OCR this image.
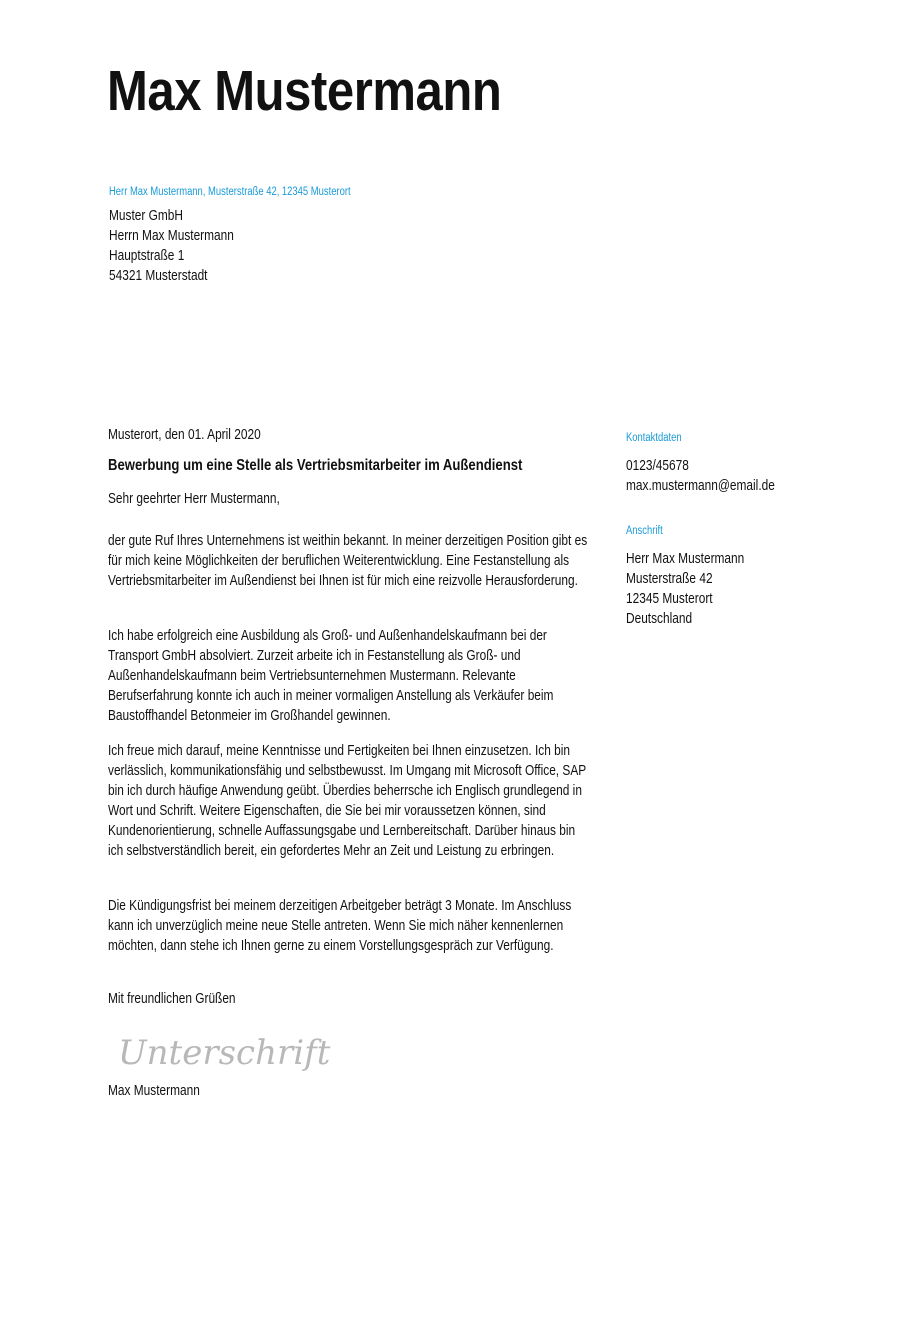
Max Mustermann
Herr Max Mustermann, Musterstraße 42, 12345 Musterort
Muster GmbH
Herrn Max Mustermann
Hauptstraße 1
54321 Musterstadt
Musterort, den 01. April 2020
Bewerbung um eine Stelle als Vertriebsmitarbeiter im Außendienst
Sehr geehrter Herr Mustermann,
der gute Ruf Ihres Unternehmens ist weithin bekannt. In meiner derzeitigen Position gibt es für mich keine Möglichkeiten der beruflichen Weiterentwicklung. Eine Festanstellung als Vertriebsmitarbeiter im Außendienst bei Ihnen ist für mich eine reizvolle Herausforderung.
Ich habe erfolgreich eine Ausbildung als Groß- und Außenhandelskaufmann bei der Transport GmbH absolviert. Zurzeit arbeite ich in Festanstellung als Groß- und Außenhandelskaufmann beim Vertriebsunternehmen Mustermann. Relevante Berufserfahrung konnte ich auch in meiner vormaligen Anstellung als Verkäufer beim Baustoffhandel Betonmeier im Großhandel gewinnen.
Ich freue mich darauf, meine Kenntnisse und Fertigkeiten bei Ihnen einzusetzen. Ich bin verlässlich, kommunikationsfähig und selbstbewusst. Im Umgang mit Microsoft Office, SAP bin ich durch häufige Anwendung geübt. Überdies beherrsche ich Englisch grundlegend in Wort und Schrift. Weitere Eigenschaften, die Sie bei mir voraussetzen können, sind Kundenorientierung, schnelle Auffassungsgabe und Lernbereitschaft. Darüber hinaus bin ich selbstverständlich bereit, ein gefordertes Mehr an Zeit und Leistung zu erbringen.
Die Kündigungsfrist bei meinem derzeitigen Arbeitgeber beträgt 3 Monate. Im Anschluss kann ich unverzüglich meine neue Stelle antreten. Wenn Sie mich näher kennenlernen möchten, dann stehe ich Ihnen gerne zu einem Vorstellungsgespräch zur Verfügung.
Mit freundlichen Grüßen
Unterschrift
Max Mustermann
Kontaktdaten
0123/45678
max.mustermann@email.de
Anschrift
Herr Max Mustermann
Musterstraße 42
12345 Musterort
Deutschland
